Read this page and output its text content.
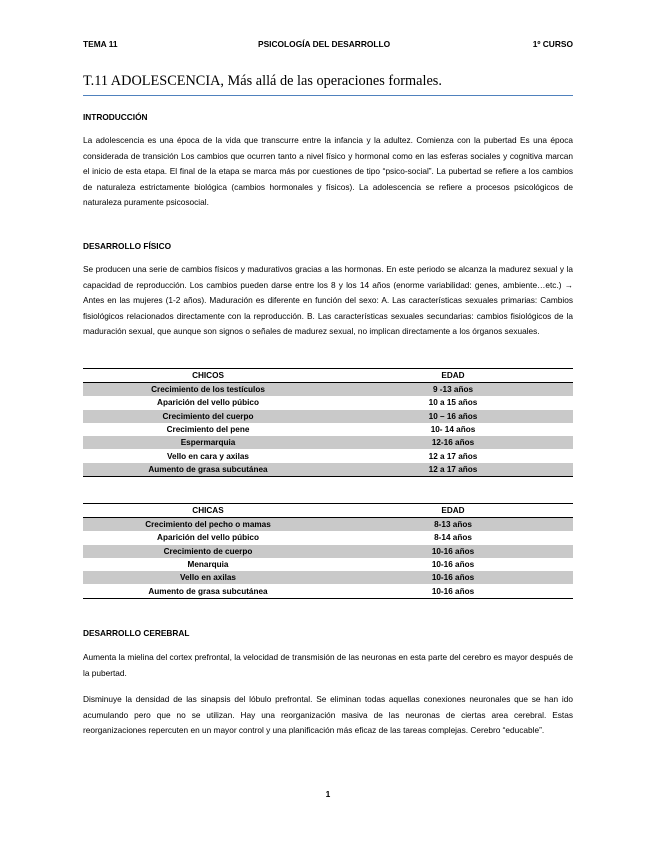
TEMA 11	PSICOLOGÍA DEL DESARROLLO	1º CURSO
T.11 ADOLESCENCIA, Más allá de las operaciones formales.
INTRODUCCIÓN
La adolescencia es una época de la vida que transcurre entre la infancia y la adultez. Comienza con la pubertad Es una época considerada de transición Los cambios que ocurren tanto a nivel físico y hormonal como en las esferas sociales y cognitiva marcan el inicio de esta etapa. El final de la etapa se marca más por cuestiones de tipo “psico-social”. La pubertad se refiere a los cambios de naturaleza estrictamente biológica (cambios hormonales y físicos). La adolescencia se refiere a procesos psicológicos de naturaleza puramente psicosocial.
DESARROLLO FÍSICO
Se producen una serie de cambios físicos y madurativos gracias a las hormonas. En este periodo se alcanza la madurez sexual y la capacidad de reproducción. Los cambios pueden darse entre los 8 y los 14 años (enorme variabilidad: genes, ambiente…etc.) → Antes en las mujeres (1-2 años). Maduración es diferente en función del sexo: A. Las características sexuales primarias: Cambios fisiológicos relacionados directamente con la reproducción. B. Las características sexuales secundarias: cambios fisiológicos de la maduración sexual, que aunque son signos o señales de madurez sexual, no implican directamente a los órganos sexuales.
CHICOS	EDAD
Crecimiento de los testículos	9 -13 años
Aparición del vello púbico	10 a 15 años
Crecimiento del cuerpo	10 – 16 años
Crecimiento del pene	10- 14 años
Espermarquia	12-16 años
Vello en cara y axilas	12 a 17 años
Aumento de grasa subcutánea	12 a 17 años
CHICAS	EDAD
Crecimiento del pecho o mamas	8-13 años
Aparición del vello púbico	8-14 años
Crecimiento de cuerpo	10-16 años
Menarquia	10-16 años
Vello en axilas	10-16 años
Aumento de grasa subcutánea	10-16 años
DESARROLLO CEREBRAL
Aumenta la mielina del cortex prefrontal, la velocidad de transmisión de las neuronas en esta parte del cerebro es mayor después de la pubertad.
Disminuye la densidad de las sinapsis del lóbulo prefrontal. Se eliminan todas aquellas conexiones neuronales que se han ido acumulando pero que no se utilizan. Hay una reorganización masiva de las neuronas de ciertas area cerebral. Estas reorganizaciones repercuten en un mayor control y una planificación más eficaz de las tareas complejas. Cerebro “educable”.
1
